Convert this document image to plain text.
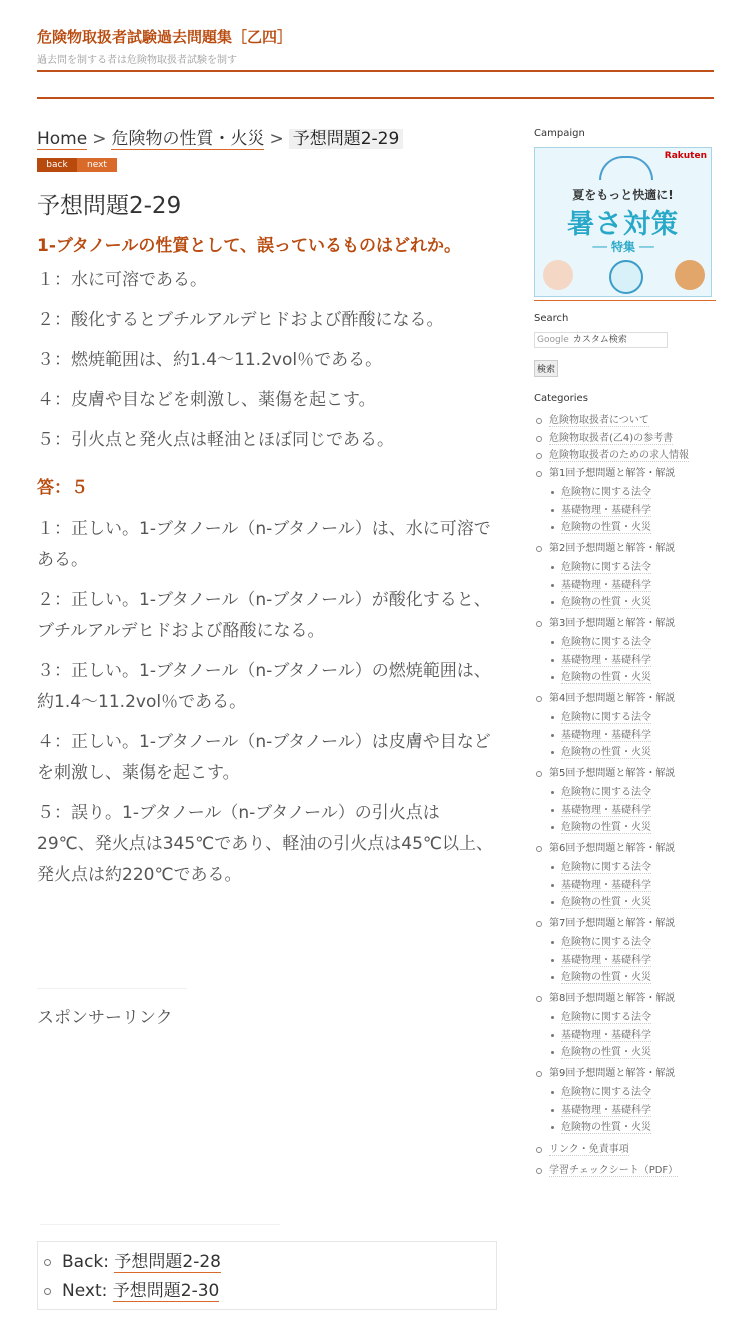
危険物取扱者試験過去問題集［乙四］
過去問を制する者は危険物取扱者試験を制す
Home > 危険物の性質・火災 > 予想問題2-29
back	next
予想問題2-29
1-ブタノールの性質として、誤っているものはどれか。
１：水に可溶である。
２：酸化するとブチルアルデヒドおよび酢酸になる。
３：燃焼範囲は、約1.4～11.2vol％である。
４：皮膚や目などを刺激し、薬傷を起こす。
５：引火点と発火点は軽油とほぼ同じである。
答：５
１：正しい。1-ブタノール（n-ブタノール）は、水に可溶である。
２：正しい。1-ブタノール（n-ブタノール）が酸化すると、ブチルアルデヒドおよび酪酸になる。
３：正しい。1-ブタノール（n-ブタノール）の燃焼範囲は、約1.4～11.2vol％である。
４：正しい。1-ブタノール（n-ブタノール）は皮膚や目などを刺激し、薬傷を起こす。
５：誤り。1-ブタノール（n-ブタノール）の引火点は29℃、発火点は345℃であり、軽油の引火点は45℃以上、発火点は約220℃である。
スポンサーリンク
Back: 予想問題2-28
Next: 予想問題2-30
Campaign
Rakuten
夏をもっと快適に!
暑さ対策
── 特集 ──
Search
Google カスタム検索
検索
Categories
危険物取扱者について
危険物取扱者(乙4)の参考書
危険物取扱者のための求人情報
第1回予想問題と解答・解説
危険物に関する法令
基礎物理・基礎科学
危険物の性質・火災
第2回予想問題と解答・解説
危険物に関する法令
基礎物理・基礎科学
危険物の性質・火災
第3回予想問題と解答・解説
危険物に関する法令
基礎物理・基礎科学
危険物の性質・火災
第4回予想問題と解答・解説
危険物に関する法令
基礎物理・基礎科学
危険物の性質・火災
第5回予想問題と解答・解説
危険物に関する法令
基礎物理・基礎科学
危険物の性質・火災
第6回予想問題と解答・解説
危険物に関する法令
基礎物理・基礎科学
危険物の性質・火災
第7回予想問題と解答・解説
危険物に関する法令
基礎物理・基礎科学
危険物の性質・火災
第8回予想問題と解答・解説
危険物に関する法令
基礎物理・基礎科学
危険物の性質・火災
第9回予想問題と解答・解説
危険物に関する法令
基礎物理・基礎科学
危険物の性質・火災
リンク・免責事項
学習チェックシート（PDF）
